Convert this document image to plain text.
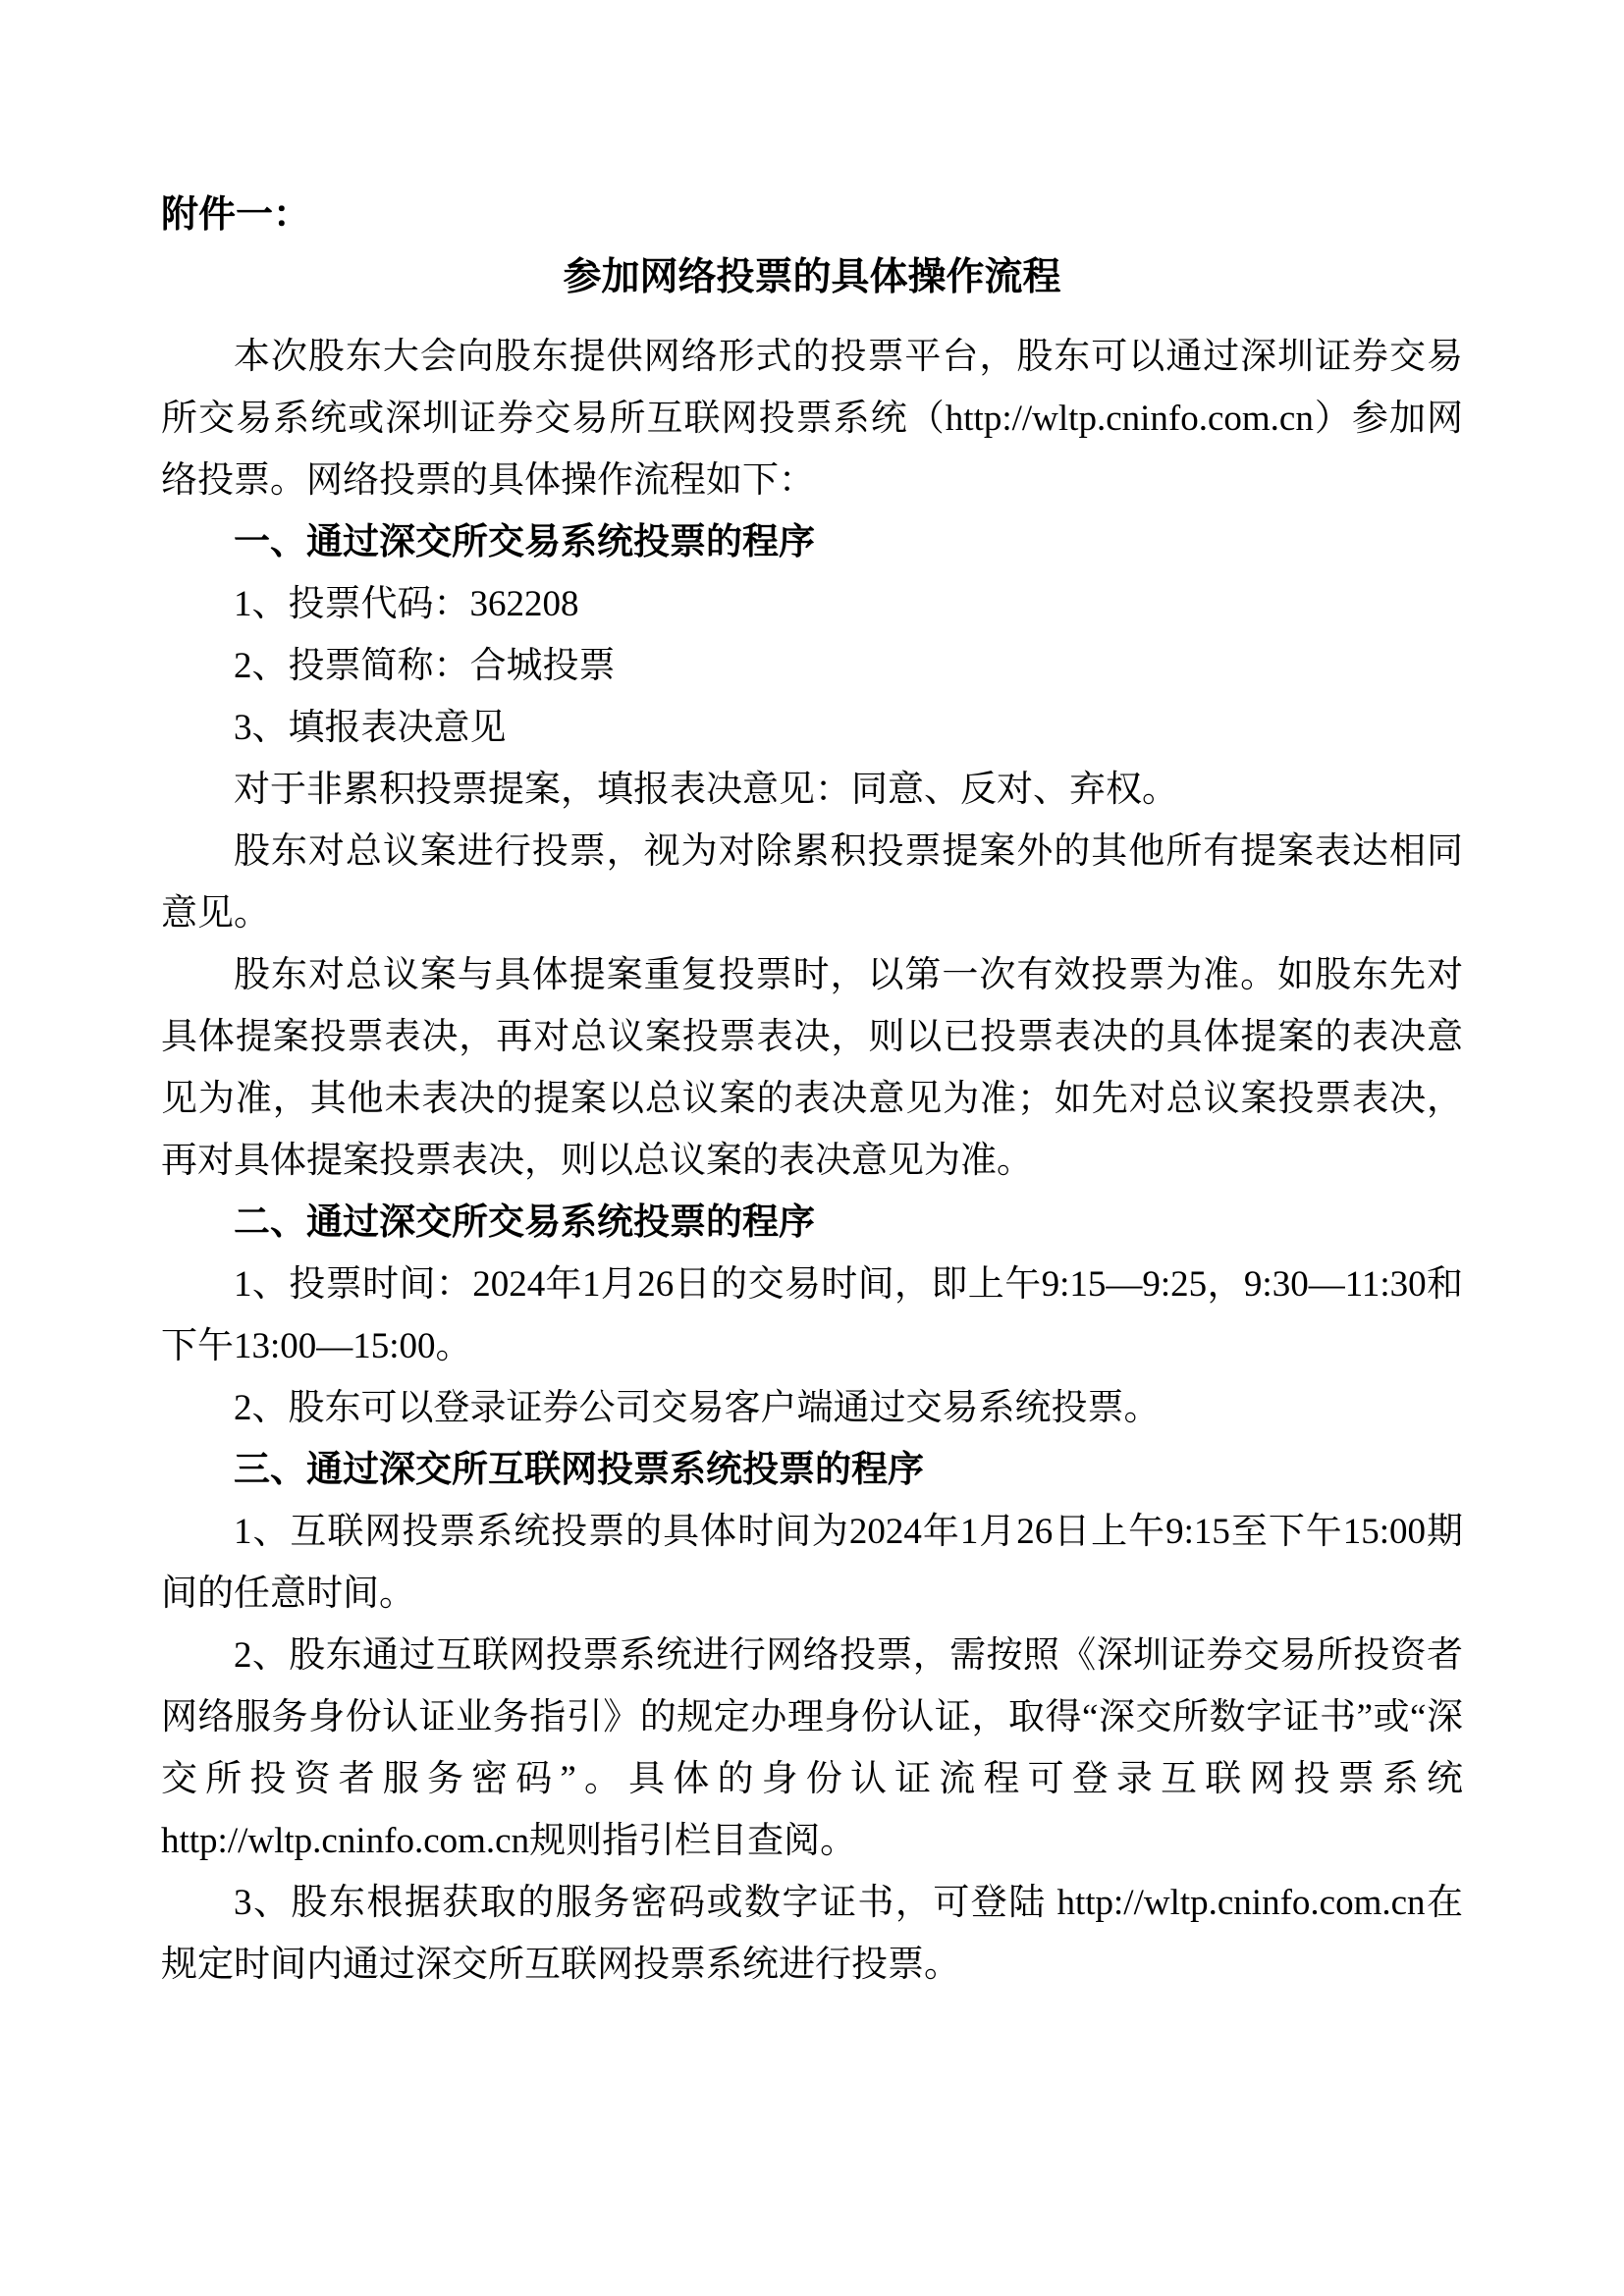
附件一：
参加网络投票的具体操作流程

本次股东大会向股东提供网络形式的投票平台，股东可以通过深圳证券交易所交易系统或深圳证券交易所互联网投票系统（http://wltp.cninfo.com.cn）参加网络投票。网络投票的具体操作流程如下：

一、通过深交所交易系统投票的程序

1、投票代码：362208

2、投票简称：合城投票

3、填报表决意见

对于非累积投票提案，填报表决意见：同意、反对、弃权。

股东对总议案进行投票，视为对除累积投票提案外的其他所有提案表达相同意见。

股东对总议案与具体提案重复投票时，以第一次有效投票为准。如股东先对具体提案投票表决，再对总议案投票表决，则以已投票表决的具体提案的表决意见为准，其他未表决的提案以总议案的表决意见为准；如先对总议案投票表决，再对具体提案投票表决，则以总议案的表决意见为准。

二、通过深交所交易系统投票的程序

1、投票时间：2024年1月26日的交易时间，即上午9:15—9:25，9:30—11:30和下午13:00—15:00。

2、股东可以登录证券公司交易客户端通过交易系统投票。

三、通过深交所互联网投票系统投票的程序

1、互联网投票系统投票的具体时间为2024年1月26日上午9:15至下午15:00期间的任意时间。

2、股东通过互联网投票系统进行网络投票，需按照《深圳证券交易所投资者网络服务身份认证业务指引》的规定办理身份认证，取得“深交所数字证书”或“深交所投资者服务密码”。具体的身份认证流程可登录互联网投票系统http://wltp.cninfo.com.cn规则指引栏目查阅。

3、股东根据获取的服务密码或数字证书，可登陆 http://wltp.cninfo.com.cn在规定时间内通过深交所互联网投票系统进行投票。
